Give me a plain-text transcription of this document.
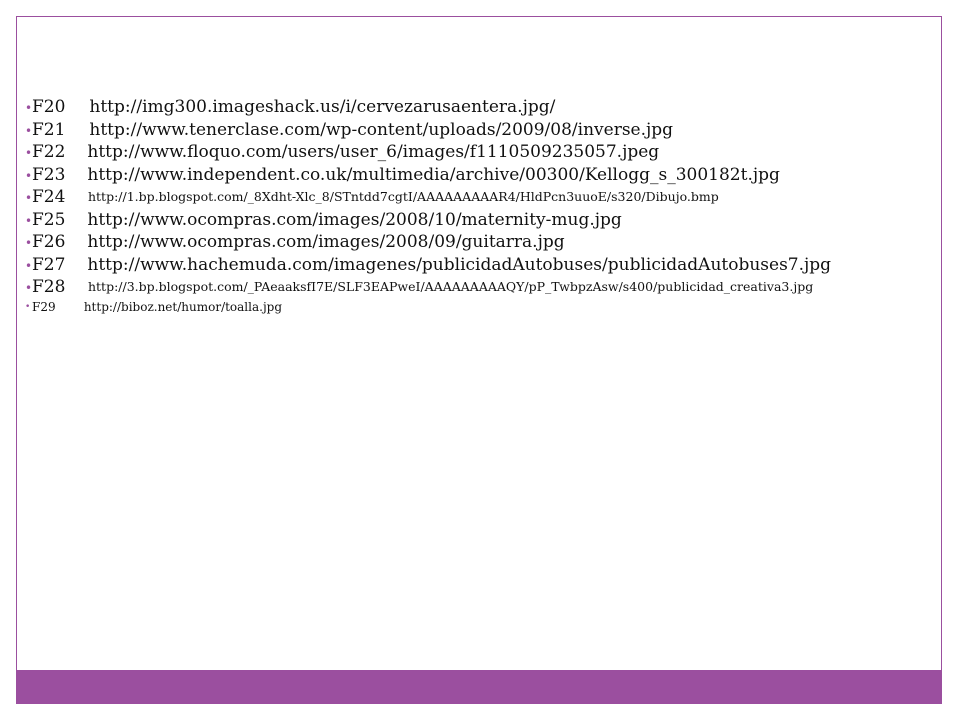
• F20 http://img300.imageshack.us/i/cervezarusaentera.jpg/
• F21 http://www.tenerclase.com/wp-content/uploads/2009/08/inverse.jpg
• F22 http://www.floquo.com/users/user_6/images/f1110509235057.jpeg
• F23 http://www.independent.co.uk/multimedia/archive/00300/Kellogg_s_300182t.jpg
• F24 http://1.bp.blogspot.com/_8Xdht-Xlc_8/STntdd7cgtI/AAAAAAAAAR4/HldPcn3uuoE/s320/Dibujo.bmp
• F25 http://www.ocompras.com/images/2008/10/maternity-mug.jpg
• F26 http://www.ocompras.com/images/2008/09/guitarra.jpg
• F27 http://www.hachemuda.com/imagenes/publicidadAutobuses/publicidadAutobuses7.jpg
• F28 http://3.bp.blogspot.com/_PAeaaksfI7E/SLF3EAPweI/AAAAAAAAAQY/pP_TwbpzAsw/s400/publicidad_creativa3.jpg
• F29 http://biboz.net/humor/toalla.jpg
